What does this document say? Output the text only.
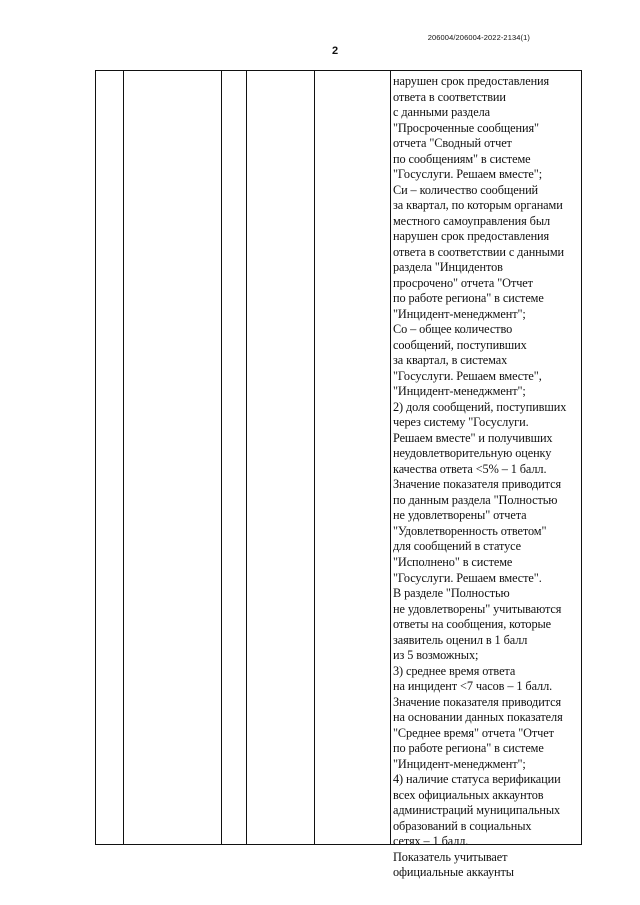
206004/206004-2022-2134(1)
2
нарушен срок предоставления
ответа в соответствии
с данными раздела
"Просроченные сообщения"
отчета "Сводный отчет
по сообщениям" в системе
"Госуслуги. Решаем вместе";
Си – количество сообщений
за квартал, по которым органами
местного самоуправления был
нарушен срок предоставления
ответа в соответствии с данными
раздела "Инцидентов
просрочено" отчета "Отчет
по работе региона" в системе
"Инцидент-менеджмент";
Со – общее количество
сообщений, поступивших
за квартал, в системах
"Госуслуги. Решаем вместе",
"Инцидент-менеджмент";
2) доля сообщений, поступивших
через систему "Госуслуги.
Решаем вместе" и получивших
неудовлетворительную оценку
качества ответа <5% – 1 балл.
Значение показателя приводится
по данным раздела "Полностью
не удовлетворены" отчета
"Удовлетворенность ответом"
для сообщений в статусе
"Исполнено" в системе
"Госуслуги. Решаем вместе".
В разделе "Полностью
не удовлетворены" учитываются
ответы на сообщения, которые
заявитель оценил в 1 балл
из 5 возможных;
3) среднее время ответа
на инцидент <7 часов – 1 балл.
Значение показателя приводится
на основании данных показателя
"Среднее время" отчета "Отчет
по работе региона" в системе
"Инцидент-менеджмент";
4) наличие статуса верификации
всех официальных аккаунтов
администраций муниципальных
образований в социальных
сетях – 1 балл.
Показатель учитывает
официальные аккаунты
